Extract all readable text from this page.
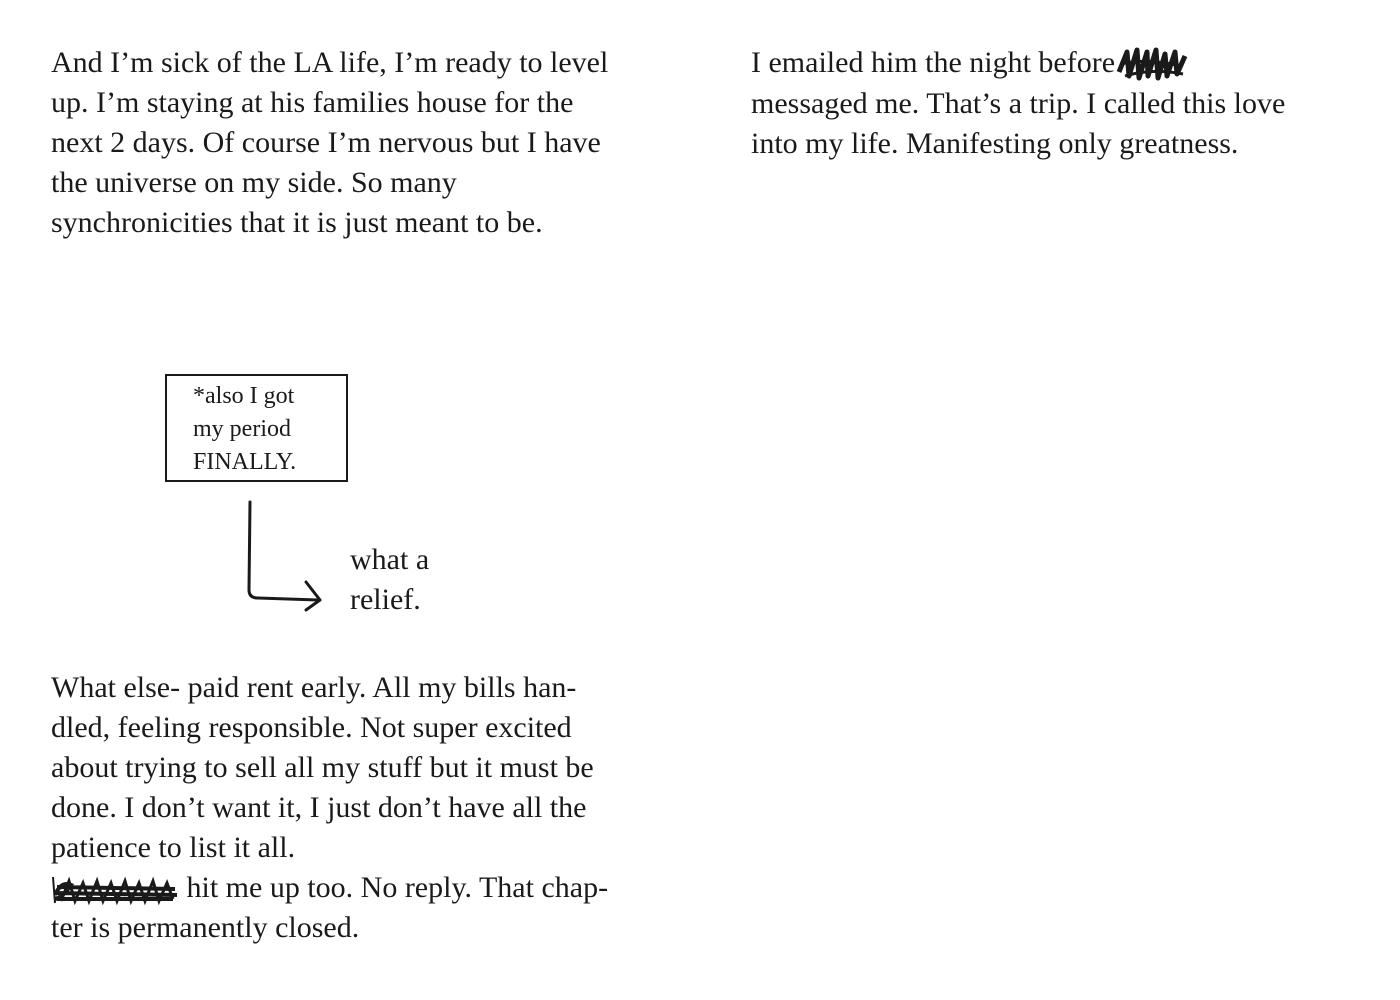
And I’m sick of the LA life, I’m ready to level
up. I’m staying at his families house for the
next 2 days. Of course I’m nervous but I have
the universe on my side. So many
synchronicities that it is just meant to be.
I emailed him the night before
messaged me. That’s a trip. I called this love
into my life. Manifesting only greatness.
*also I got
my period
FINALLY.
what a
relief.
What else- paid rent early. All my bills han-
dled, feeling responsible. Not super excited
about trying to sell all my stuff but it must be
done. I don’t want it, I just don’t have all the
patience to list it all.
hit me up too. No reply. That chap-
ter is permanently closed.
